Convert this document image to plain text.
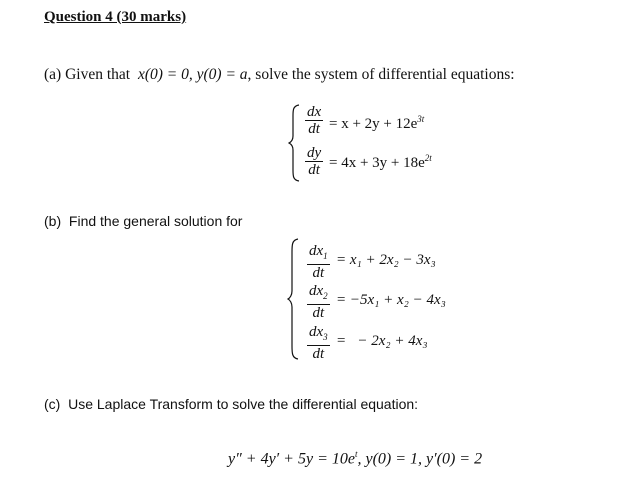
Question 4 (30 marks)
(a) Given that x(0) = 0, y(0) = a, solve the system of differential equations:
$\frac{dx}{dt} = x + 2y + 12e^{3t}$
$\frac{dy}{dt} = 4x + 3y + 18e^{2t}$
(b) Find the general solution for
$\frac{dx_1}{dt} = x_1 + 2x_2 - 3x_3$
$\frac{dx_2}{dt} = -5x_1 + x_2 - 4x_3$
$\frac{dx_3}{dt}$ =   − 2x₂ + 4x₃
(c) Use Laplace Transform to solve the differential equation:
$y'' + 4y' + 5y = 10e^t$, y(0) = 1, y′(0) = 2
